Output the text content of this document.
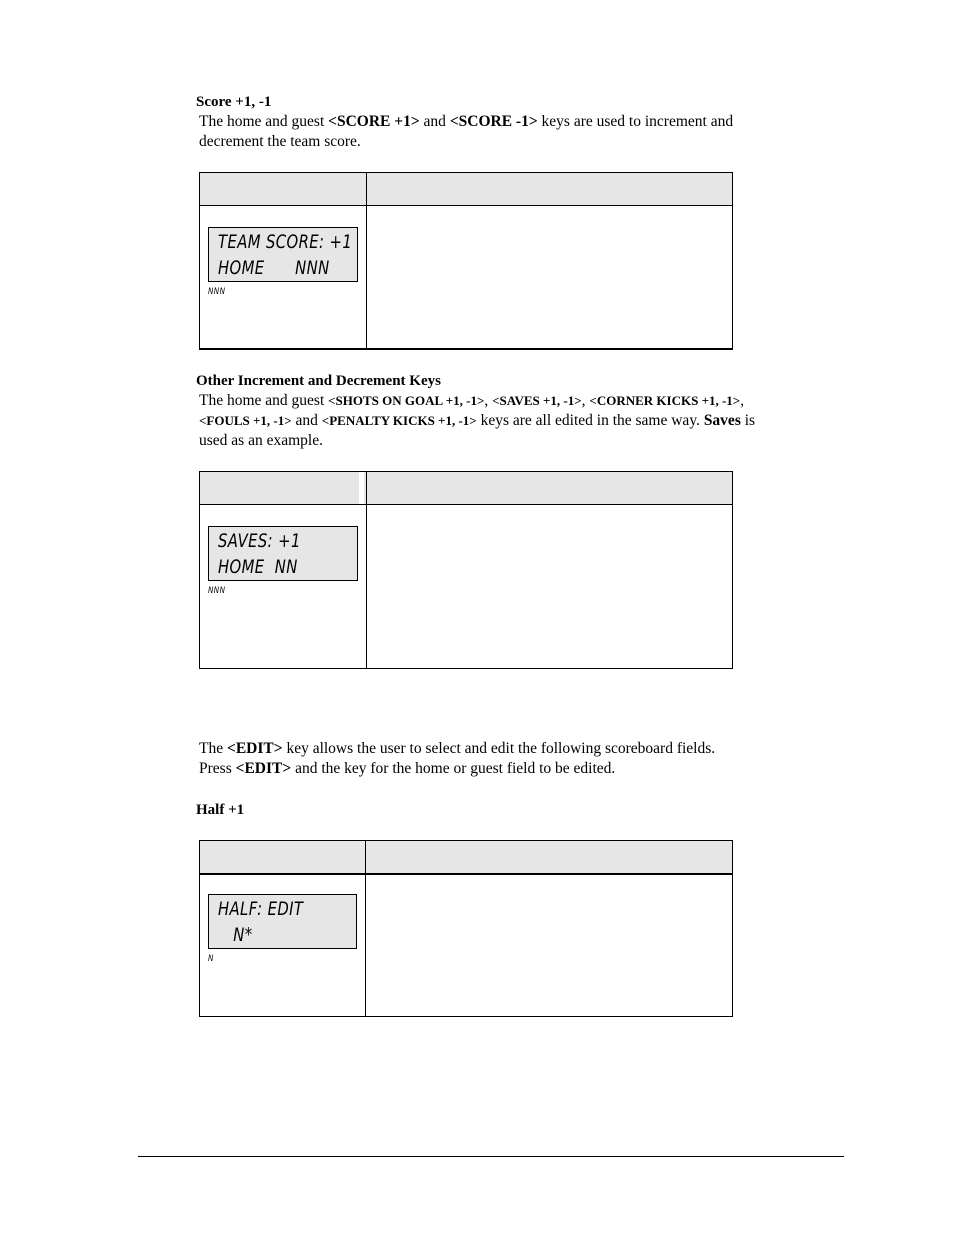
Score +1, -1
The home and guest <SCORE +1> and <SCORE -1> keys are used to increment and
decrement the team score.
TEAM SCORE: +1
HOME      NNN
NNN
Other Increment and Decrement Keys
The home and guest <SHOTS ON GOAL +1, -1>, <SAVES +1, -1>, <CORNER KICKS +1, -1>,
<FOULS +1, -1> and <PENALTY KICKS +1, -1> keys are all edited in the same way. Saves is
used as an example.
SAVES: +1
HOME  NN
NNN
The <EDIT> key allows the user to select and edit the following scoreboard fields.
Press <EDIT> and the key for the home or guest field to be edited.
Half +1
HALF: EDIT
N*
N
